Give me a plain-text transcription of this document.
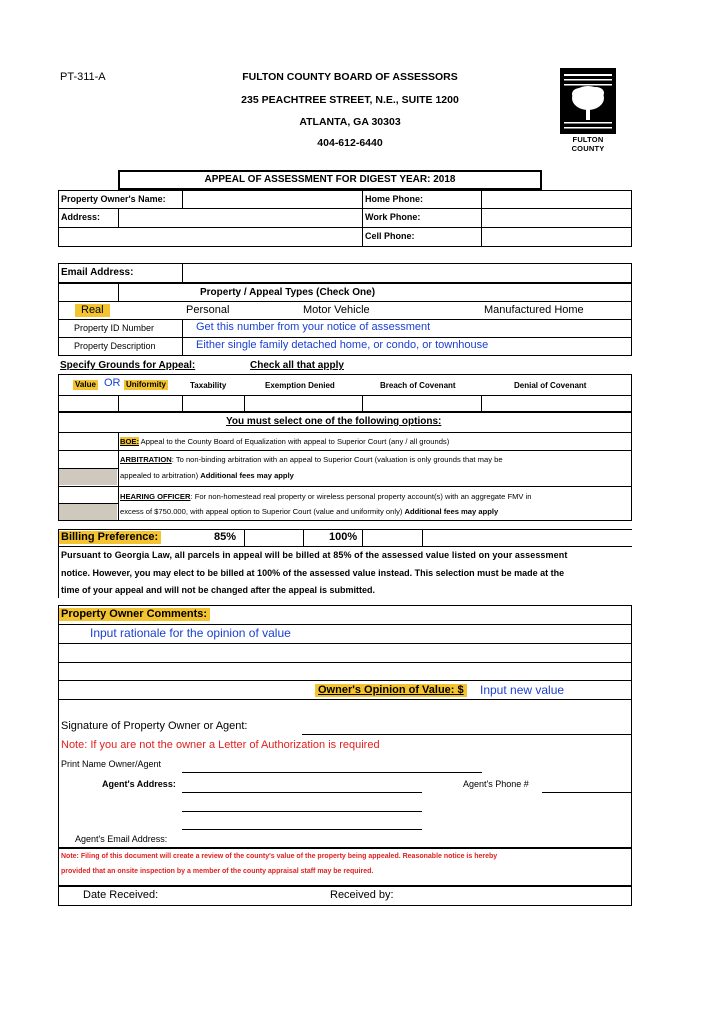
PT-311-A	FULTON COUNTY BOARD OF ASSESSORS
235 PEACHTREE STREET, N.E., SUITE 1200
ATLANTA, GA 30303
404-612-6440	FULTON COUNTY
APPEAL OF ASSESSMENT FOR DIGEST YEAR: 2018
Property Owner's Name:
Address:
Home Phone:
Work Phone:
Cell Phone:
Email Address:
Property / Appeal Types (Check One)
Real	Personal	Motor Vehicle	Manufactured Home
Property ID Number	Get this number from your notice of assessment
Property Description	Either single family detached home, or condo, or townhouse
Specify Grounds for Appeal:	Check all that apply
Value OR Uniformity	Taxability	Exemption Denied	Breach of Covenant	Denial of Covenant
You must select one of the following options:
BOE: Appeal to the County Board of Equalization with appeal to Superior Court (any / all grounds)
ARBITRATION: To non-binding arbitration with an appeal to Superior Court (valuation is only grounds that may be
appealed to arbitration) Additional fees may apply
HEARING OFFICER: For non-homestead real property or wireless personal property account(s) with an aggregate FMV in
excess of $750.000, with appeal option to Superior Court (value and uniformity only) Additional fees may apply
Billing Preference:	85%	100%
Pursuant to Georgia Law, all parcels in appeal will be billed at 85% of the assessed value listed on your assessment
notice. However, you may elect to be billed at 100% of the assessed value instead. This selection must be made at the
time of your appeal and will not be changed after the appeal is submitted.
Property Owner Comments:
Input rationale for the opinion of value
Owner's Opinion of Value: $ Input new value
Signature of Property Owner or Agent:
Note: If you are not the owner a Letter of Authorization is required
Print Name Owner/Agent
Agent's Address:	Agent's Phone #
Agent's Email Address:
Note: Filing of this document will create a review of the county's value of the property being appealed. Reasonable notice is hereby
provided that an onsite inspection by a member of the county appraisal staff may be required.
Date Received:	Received by:
